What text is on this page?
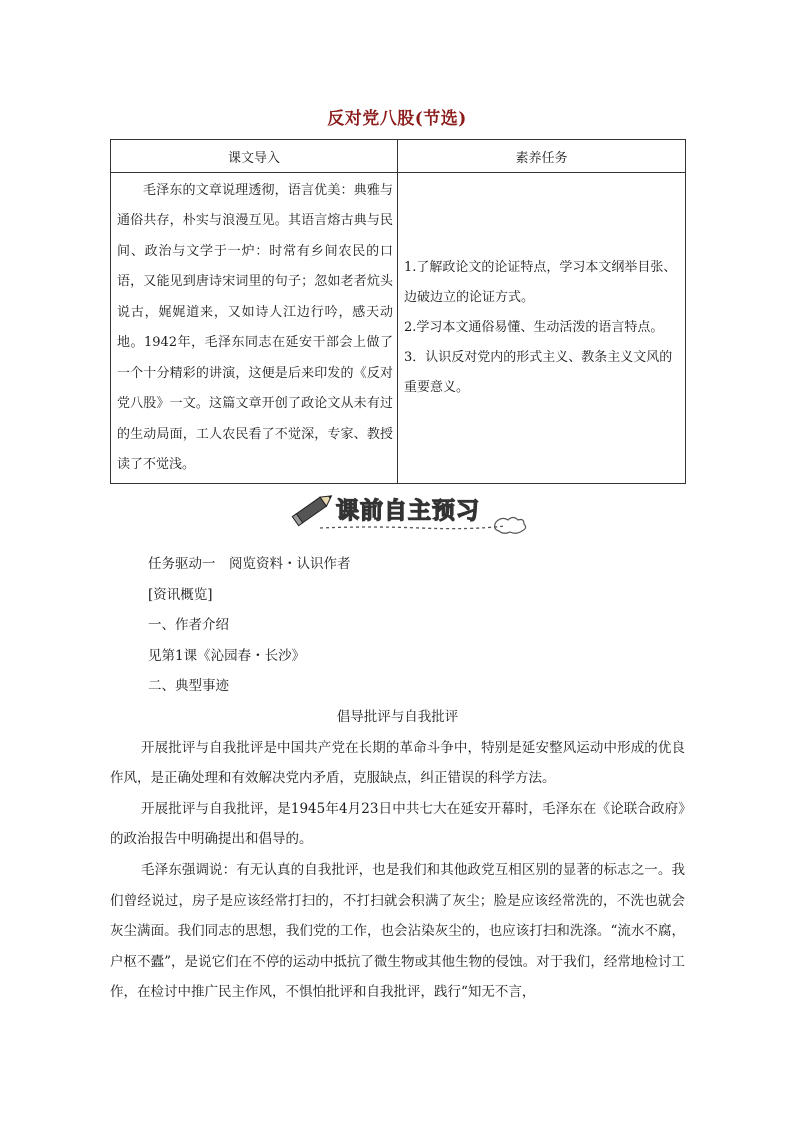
反对党八股(节选)
课文导入	素养任务
毛泽东的文章说理透彻，语言优美：典雅与通俗共存，朴实与浪漫互见。其语言熔古典与民间、政治与文学于一炉：时常有乡间农民的口语，又能见到唐诗宋词里的句子；忽如老者炕头说古，娓娓道来，又如诗人江边行吟，感天动地。1942年，毛泽东同志在延安干部会上做了一个十分精彩的讲演，这便是后来印发的《反对党八股》一文。这篇文章开创了政论文从未有过的生动局面，工人农民看了不觉深，专家、教授读了不觉浅。	1.了解政论文的论证特点，学习本文纲举目张、边破边立的论证方式。
2.学习本文通俗易懂、生动活泼的语言特点。
3．认识反对党内的形式主义、教条主义文风的重要意义。
课前自主预习

任务驱动一　阅览资料・认识作者

[资讯概览]

一、作者介绍

见第1课《沁园春・长沙》

二、典型事迹

倡导批评与自我批评

开展批评与自我批评是中国共产党在长期的革命斗争中，特别是延安整风运动中形成的优良作风，是正确处理和有效解决党内矛盾，克服缺点，纠正错误的科学方法。

开展批评与自我批评，是1945年4月23日中共七大在延安开幕时，毛泽东在《论联合政府》的政治报告中明确提出和倡导的。

毛泽东强调说：有无认真的自我批评，也是我们和其他政党互相区别的显著的标志之一。我们曾经说过，房子是应该经常打扫的，不打扫就会积满了灰尘；脸是应该经常洗的，不洗也就会灰尘满面。我们同志的思想，我们党的工作，也会沾染灰尘的，也应该打扫和洗涤。“流水不腐，户枢不蠹”，是说它们在不停的运动中抵抗了微生物或其他生物的侵蚀。对于我们，经常地检讨工作，在检讨中推广民主作风，不惧怕批评和自我批评，践行“知无不言，
